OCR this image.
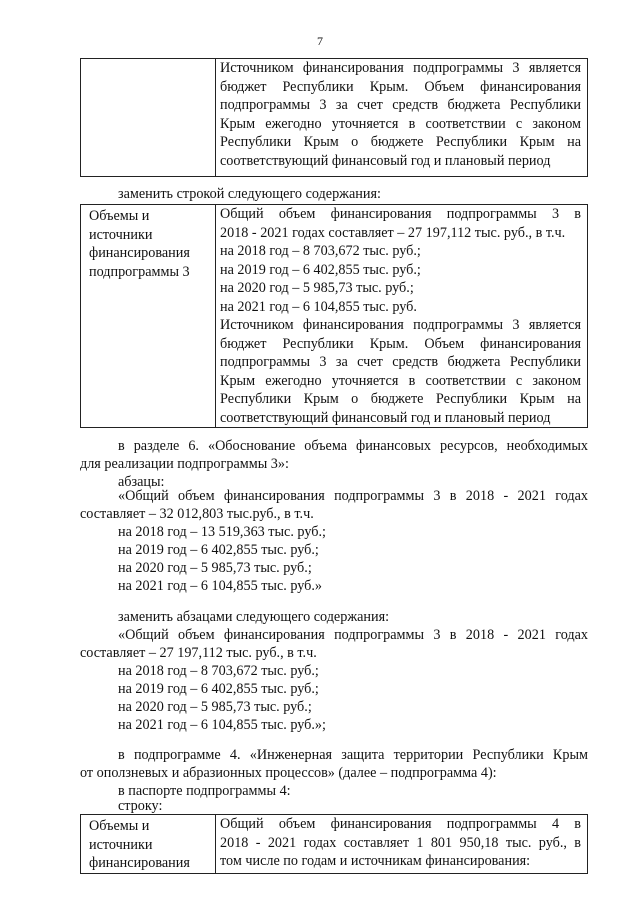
7

Источником финансирования подпрограммы 3 является
бюджет Республики Крым. Объем финансирования
подпрограммы 3 за счет средств бюджета Республики
Крым ежегодно уточняется в соответствии с законом
Республики Крым о бюджете Республики Крым на
соответствующий финансовый год и плановый период
заменить строкой следующего содержания:
Объемы и
источники
финансирования
подпрограммы 3

Общий объем финансирования подпрограммы 3 в
2018 - 2021 годах составляет – 27 197,112 тыс. руб., в т.ч.
на 2018 год – 8 703,672 тыс. руб.;
на 2019 год – 6 402,855 тыс. руб.;
на 2020 год – 5 985,73 тыс. руб.;
на 2021 год – 6 104,855 тыс. руб.
Источником финансирования подпрограммы 3 является
бюджет Республики Крым. Объем финансирования
подпрограммы 3 за счет средств бюджета Республики
Крым ежегодно уточняется в соответствии с законом
Республики Крым о бюджете Республики Крым на
соответствующий финансовый год и плановый период
в разделе 6. «Обоснование объема финансовых ресурсов, необходимых
для реализации подпрограммы 3»:
абзацы:
«Общий объем финансирования подпрограммы 3 в 2018 - 2021 годах
составляет – 32 012,803 тыс.руб., в т.ч.
на 2018 год – 13 519,363 тыс. руб.;
на 2019 год – 6 402,855 тыс. руб.;
на 2020 год – 5 985,73 тыс. руб.;
на 2021 год – 6 104,855 тыс. руб.»
заменить абзацами следующего содержания:
«Общий объем финансирования подпрограммы 3 в 2018 - 2021 годах
составляет – 27 197,112 тыс. руб., в т.ч.
на 2018 год – 8 703,672 тыс. руб.;
на 2019 год – 6 402,855 тыс. руб.;
на 2020 год – 5 985,73 тыс. руб.;
на 2021 год – 6 104,855 тыс. руб.»;
в подпрограмме 4. «Инженерная защита территории Республики Крым
от оползневых и абразионных процессов» (далее – подпрограмма 4):
в паспорте подпрограммы 4:
строку:
Объемы и
источники
финансирования

Общий объем финансирования подпрограммы 4 в
2018 - 2021 годах составляет 1 801 950,18 тыс. руб., в
том числе по годам и источникам финансирования:
